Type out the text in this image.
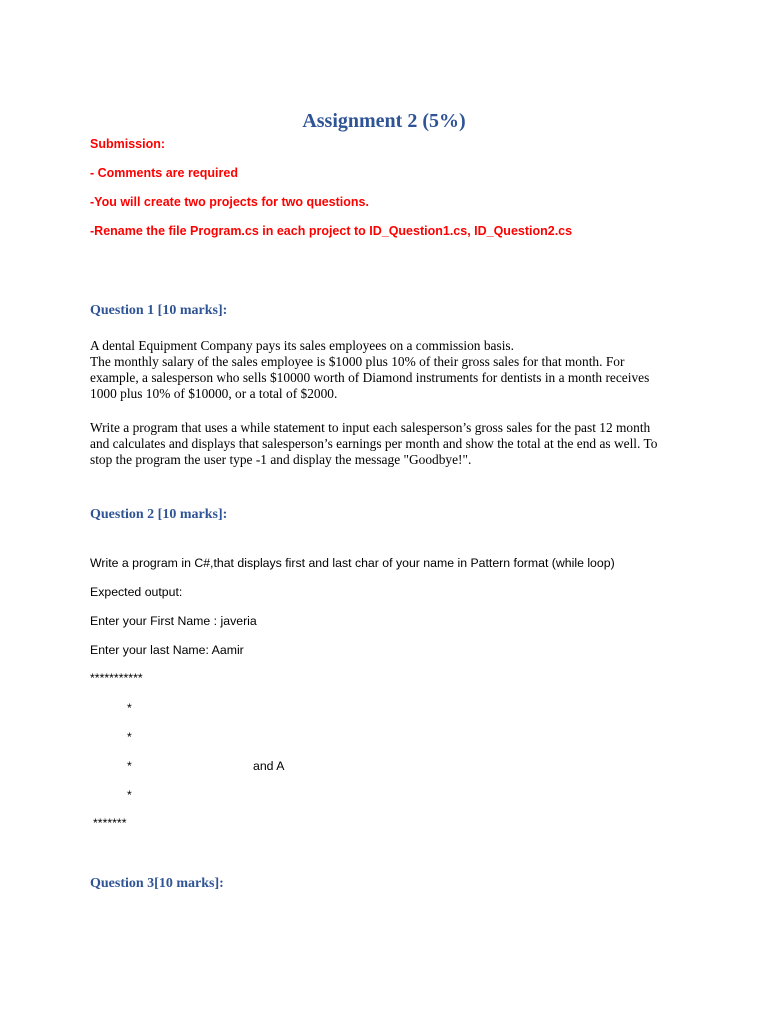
Assignment 2 (5%)
Submission:
- Comments are required
-You will create two projects for two questions.
-Rename the file Program.cs in each project to ID_Question1.cs, ID_Question2.cs
Question 1 [10 marks]:
A dental Equipment Company pays its sales employees on a commission basis.
The monthly salary of the sales employee is $1000 plus 10% of their gross sales for that month. For
example, a salesperson who sells $10000 worth of Diamond instruments for dentists in a month receives
1000 plus 10% of $10000, or a total of $2000.
Write a program that uses a while statement to input each salesperson’s gross sales for the past 12 month
and calculates and displays that salesperson’s earnings per month and show the total at the end as well. To
stop the program the user type -1 and display the message "Goodbye!".
Question 2 [10 marks]:
Write a program in C#,that displays first and last char of your name in Pattern format (while loop)
Expected output:
Enter your First Name : javeria
Enter your last Name: Aamir
***********
*
*
*	and A
*
*******
Question 3[10 marks]:
